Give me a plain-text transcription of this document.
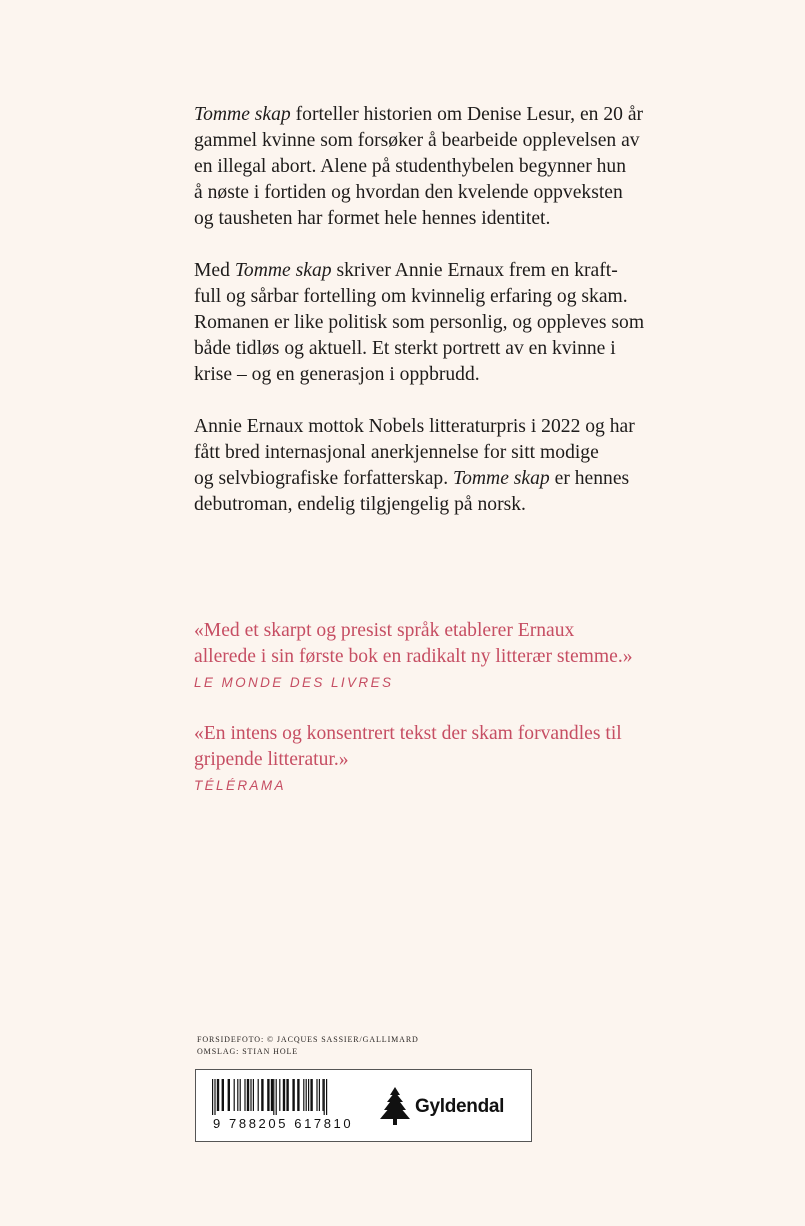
Tomme skap forteller historien om Denise Lesur, en 20 år
gammel kvinne som forsøker å bearbeide opplevelsen av
en illegal abort. Alene på studenthybelen begynner hun
å nøste i fortiden og hvordan den kvelende oppveksten
og tausheten har formet hele hennes identitet.
Med Tomme skap skriver Annie Ernaux frem en kraft-
full og sårbar fortelling om kvinnelig erfaring og skam.
Romanen er like politisk som personlig, og oppleves som
både tidløs og aktuell. Et sterkt portrett av en kvinne i
krise – og en generasjon i oppbrudd.
Annie Ernaux mottok Nobels litteraturpris i 2022 og har
fått bred internasjonal anerkjennelse for sitt modige
og selvbiografiske forfatterskap. Tomme skap er hennes
debutroman, endelig tilgjengelig på norsk.
«Med et skarpt og presist språk etablerer Ernaux
allerede i sin første bok en radikalt ny litterær stemme.»
LE MONDE DES LIVRES
«En intens og konsentrert tekst der skam forvandles til
gripende litteratur.»
TÉLÉRAMA
FORSIDEFOTO: © JACQUES SASSIER/GALLIMARD
OMSLAG: STIAN HOLE
9 788205 617810
Gyldendal
